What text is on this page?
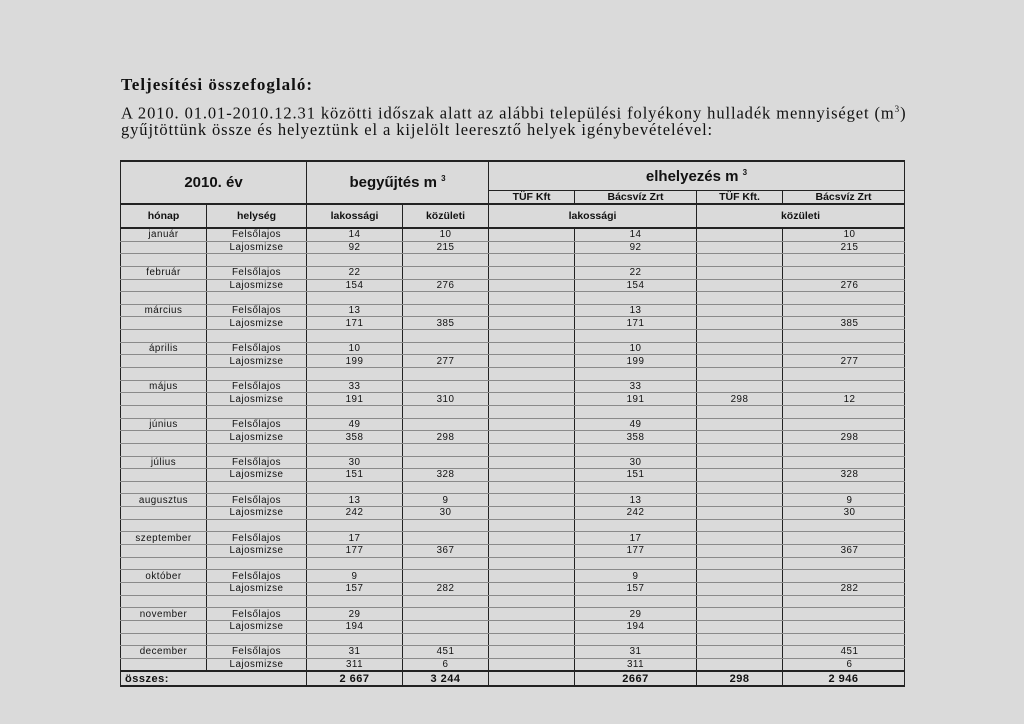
Teljesítési összefoglaló:

A 2010. 01.01-2010.12.31 közötti időszak alatt az alábbi települési folyékony hulladék mennyiséget $(m^3)$ gyűjtöttünk össze és helyeztünk el a kijelölt leeresztő helyek igénybevételével:

2010. év		begyűjtés m $^3$		elhelyezés m $^3$
				TÜF Kft	Bácsvíz Zrt	TÜF Kft.	Bácsvíz Zrt
hónap	helység	lakossági	közületi	lakossági		közületi	
január	Felsőlajos	14	10		14		10
	Lajosmizse	92	215		92		215

február	Felsőlajos	22			22		
	Lajosmizse	154	276		154		276

március	Felsőlajos	13			13		
	Lajosmizse	171	385		171		385

április	Felsőlajos	10			10		
	Lajosmizse	199	277		199		277

május	Felsőlajos	33			33		
	Lajosmizse	191	310		191	298	12

június	Felsőlajos	49			49		
	Lajosmizse	358	298		358		298

július	Felsőlajos	30			30		
	Lajosmizse	151	328		151		328

augusztus	Felsőlajos	13	9		13		9
	Lajosmizse	242	30		242		30

szeptember	Felsőlajos	17			17		
	Lajosmizse	177	367		177		367

október	Felsőlajos	9			9		
	Lajosmizse	157	282		157		282

november	Felsőlajos	29			29		
	Lajosmizse	194			194		

december	Felsőlajos	31	451		31		451
	Lajosmizse	311	6		311		6
összes:		2 667	3 244		2667	298	2 946
